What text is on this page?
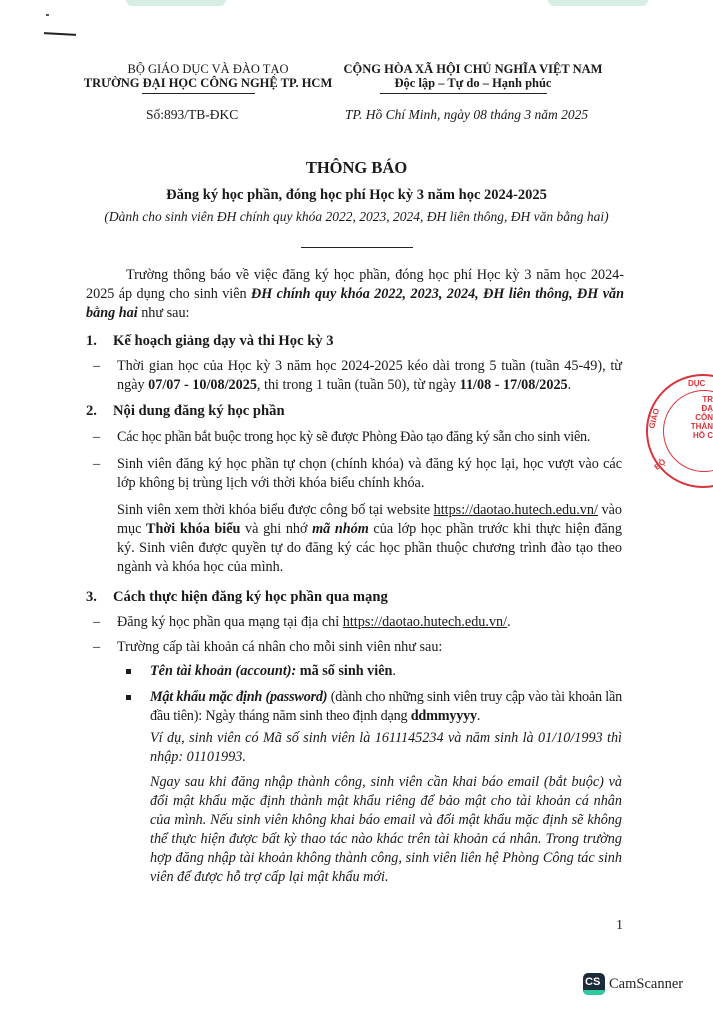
BỘ GIÁO DỤC VÀ ĐÀO TẠO
TRƯỜNG ĐẠI HỌC CÔNG NGHỆ TP. HCM
Số:893/TB-ĐKC
CỘNG HÒA XÃ HỘI CHỦ NGHĨA VIỆT NAM
Độc lập – Tự do – Hạnh phúc
TP. Hồ Chí Minh, ngày 08 tháng 3 năm 2025
THÔNG BÁO
Đăng ký học phần, đóng học phí Học kỳ 3 năm học 2024-2025
(Dành cho sinh viên ĐH chính quy khóa 2022, 2023, 2024, ĐH liên thông, ĐH văn bằng hai)
Trường thông báo về việc đăng ký học phần, đóng học phí Học kỳ 3 năm học 2024-2025 áp dụng cho sinh viên ĐH chính quy khóa 2022, 2023, 2024, ĐH liên thông, ĐH văn bằng hai như sau:
1. Kế hoạch giảng dạy và thi Học kỳ 3
– Thời gian học của Học kỳ 3 năm học 2024-2025 kéo dài trong 5 tuần (tuần 45-49), từ ngày 07/07 - 10/08/2025, thi trong 1 tuần (tuần 50), từ ngày 11/08 - 17/08/2025.
2. Nội dung đăng ký học phần
– Các học phần bắt buộc trong học kỳ sẽ được Phòng Đào tạo đăng ký sẵn cho sinh viên.
– Sinh viên đăng ký học phần tự chọn (chính khóa) và đăng ký học lại, học vượt vào các lớp không bị trùng lịch với thời khóa biểu chính khóa.
Sinh viên xem thời khóa biểu được công bố tại website https://daotao.hutech.edu.vn/ vào mục Thời khóa biểu và ghi nhớ mã nhóm của lớp học phần trước khi thực hiện đăng ký. Sinh viên được quyền tự do đăng ký các học phần thuộc chương trình đào tạo theo ngành và khóa học của mình.
3. Cách thực hiện đăng ký học phần qua mạng
– Đăng ký học phần qua mạng tại địa chỉ https://daotao.hutech.edu.vn/.
– Trường cấp tài khoản cá nhân cho mỗi sinh viên như sau:
Tên tài khoản (account): mã số sinh viên.
Mật khẩu mặc định (password) (dành cho những sinh viên truy cập vào tài khoản lần đầu tiên): Ngày tháng năm sinh theo định dạng ddmmyyyy.
Ví dụ, sinh viên có Mã số sinh viên là 1611145234 và năm sinh là 01/10/1993 thì nhập: 01101993.
Ngay sau khi đăng nhập thành công, sinh viên cần khai báo email (bắt buộc) và đổi mật khẩu mặc định thành mật khẩu riêng để bảo mật cho tài khoản cá nhân của mình. Nếu sinh viên không khai báo email và đổi mật khẩu mặc định sẽ không thể thực hiện được bất kỳ thao tác nào khác trên tài khoản cá nhân. Trong trường hợp đăng nhập tài khoản không thành công, sinh viên liên hệ Phòng Công tác sinh viên để được hỗ trợ cấp lại mật khẩu mới.
DỤC
GIÁO
BỘ
TR
ĐẠ
CÔN
THÀN
HỒ C
1
CS CamScanner
